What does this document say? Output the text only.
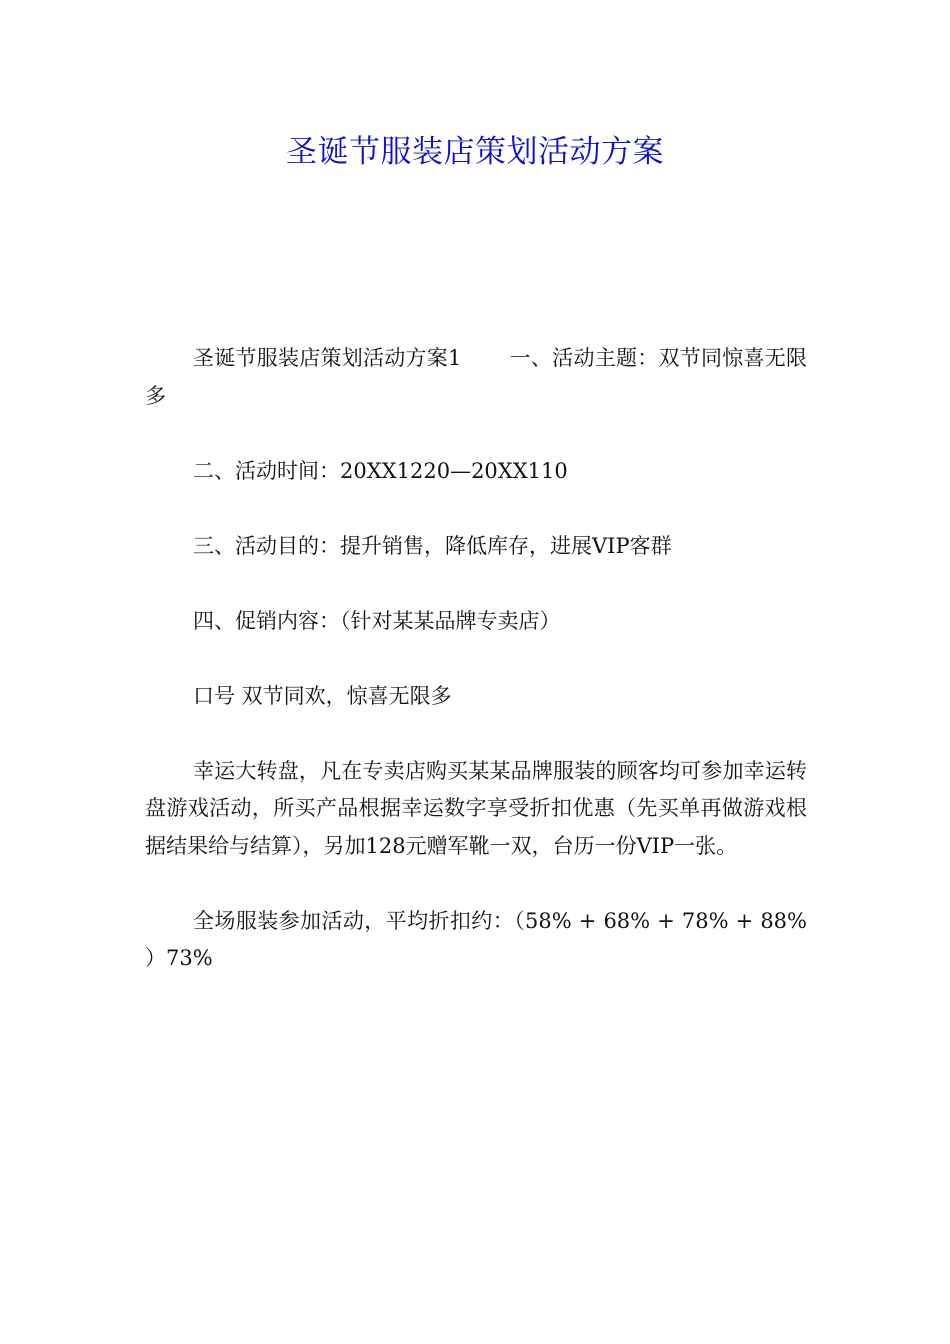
圣诞节服装店策划活动方案

圣诞节服装店策划活动方案1 一、活动主题：双节同惊喜无限多

二、活动时间：20XX1220—20XX110

三、活动目的：提升销售，降低库存，进展VIP客群

四、促销内容：（针对某某品牌专卖店）

口号 双节同欢，惊喜无限多

幸运大转盘，凡在专卖店购买某某品牌服装的顾客均可参加幸运转盘游戏活动，所买产品根据幸运数字享受折扣优惠（先买单再做游戏根据结果给与结算），另加128元赠军靴一双，台历一份VIP一张。

全场服装参加活动，平均折扣约：（58% + 68% + 78% + 88% ）73%
